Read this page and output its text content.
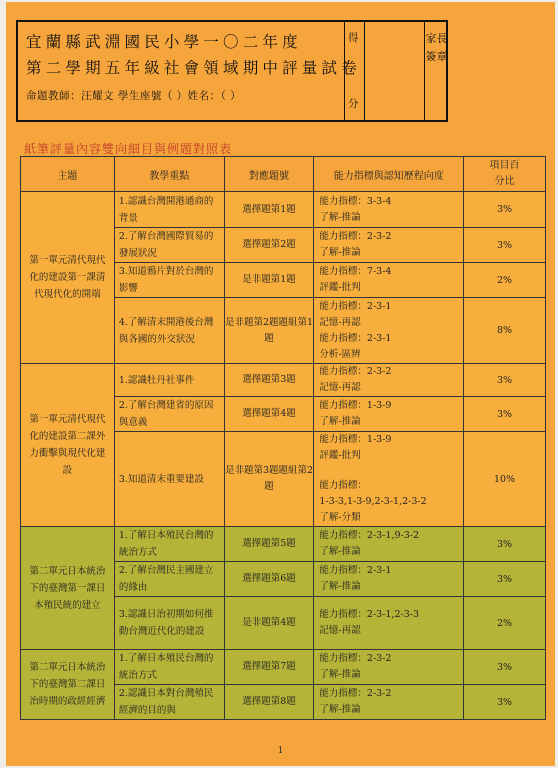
宜蘭縣武淵國民小學一〇二年度
第二學期五年級社會領域期中評量試卷
命題教師：汪耀文 學生座號（ ）姓名：（ ）
得
分
家長簽章
紙筆評量內容雙向細目與例題對照表
主題	教學重點	對應題號	能力指標與認知歷程向度	項目百分比

第一單元清代現代化的建設第一課清代現代化的開端	1.認識台灣開港通商的背景	選擇題第1題	能力指標：3-3-4
了解-推論	3%
	2.了解台灣國際貿易的發展狀況	選擇題第2題	能力指標：2-3-2
了解-推論	3%
	3.知道鴉片對於台灣的影響	是非題第1題	能力指標：7-3-4
評鑑-批判	2%
	4.了解清末開港後台灣與各國的外交狀況	是非題第2題題組第1題	能力指標：2-3-1
記憶-再認
能力指標：2-3-1
分析-區辨	8%
第一單元清代現代化的建設第二課外力衝擊與現代化建設	1.認識牡丹社事件	選擇題第3題	能力指標：2-3-2
記憶-再認	3%
	2.了解台灣建省的原因與意義	選擇題第4題	能力指標：1-3-9
了解-推論	3%
	3.知道清末重要建設	是非題第3題題組第2題	能力指標：1-3-9
評鑑-批判
能力指標：
1-3-3,1-3-9,2-3-1,2-3-2
了解-分類	10%
第二單元日本統治下的臺灣第一課日本殖民統的建立	1.了解日本殖民台灣的統治方式	選擇題第5題	能力指標：2-3-1,9-3-2
了解-推論	3%
	2.了解台灣民主國建立的緣由	選擇題第6題	能力指標：2-3-1
了解-推論	3%
	3.認識日治初期如何推動台灣近代化的建設	是非題第4題	能力指標：2-3-1,2-3-3
記憶-再認	2%
第二單元日本統治下的臺灣第二課日治時期的政經經濟	1.了解日本殖民台灣的統治方式	選擇題第7題	能力指標：2-3-2
了解-推論	3%
	2.認識日本對台灣殖民經濟的目的與	選擇題第8題	能力指標：2-3-2
了解-推論	3%
1
